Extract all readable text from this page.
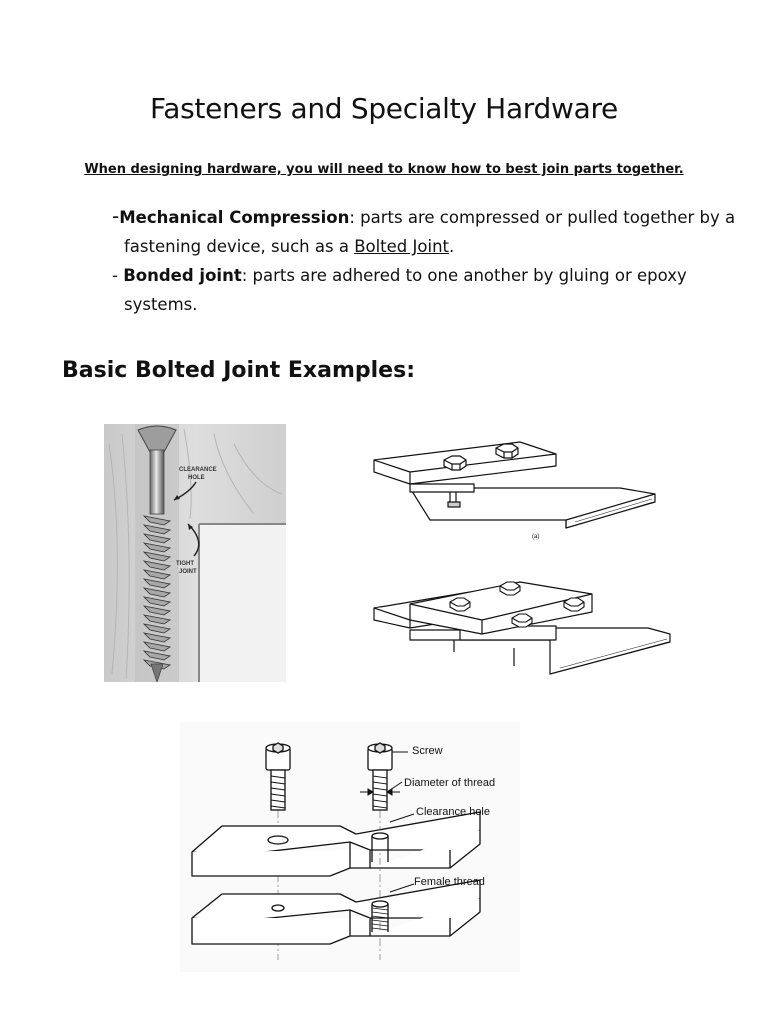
Fasteners and Specialty Hardware
When designing hardware, you will need to know how to best join parts together.
-Mechanical Compression: parts are compressed or pulled together by a
fastening device, such as a Bolted Joint.
- Bonded joint: parts are adhered to one another by gluing or epoxy
systems.
Basic Bolted Joint Examples:
CLEARANCE
HOLE
TIGHT
JOINT
(a)
Screw
Diameter of thread
Clearance hole
Female thread
